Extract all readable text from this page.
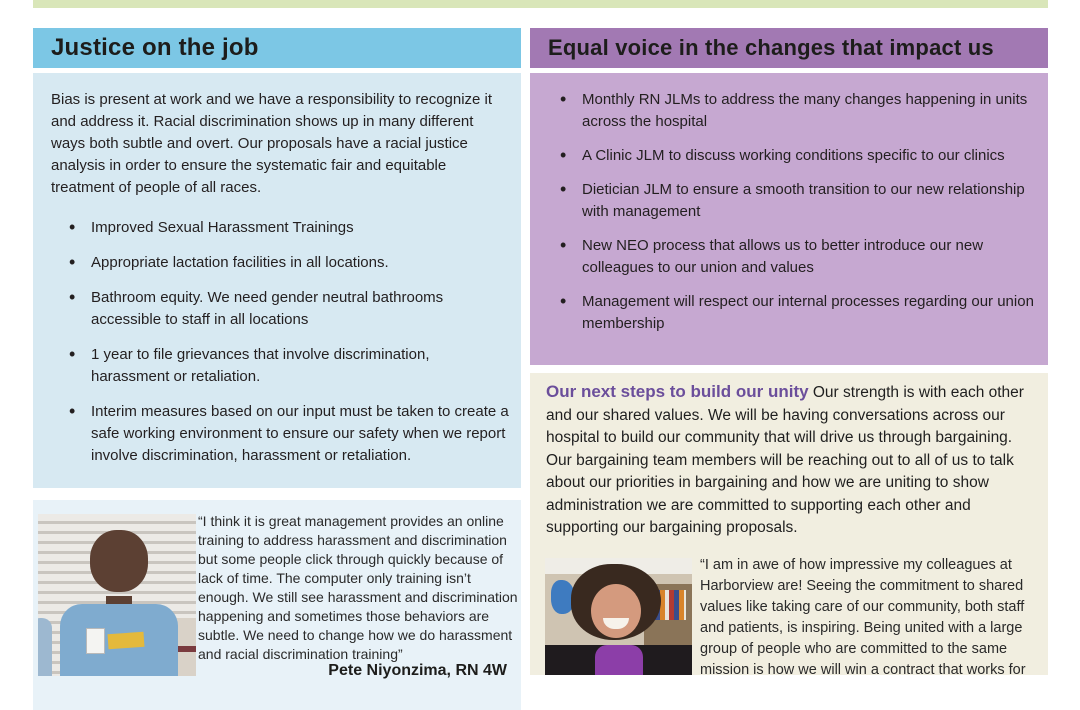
Justice on the job

Bias is present at work and we have a responsibility to recognize it and address it. Racial discrimination shows up in many different ways both subtle and overt. Our proposals have a racial justice analysis in order to ensure the systematic fair and equitable treatment of people of all races.

• Improved Sexual Harassment Trainings
• Appropriate lactation facilities in all locations.
• Bathroom equity. We need gender neutral bathrooms accessible to staff in all locations
• 1 year to file grievances that involve discrimination, harassment or retaliation.
• Interim measures based on our input must be taken to create a safe working environment to ensure our safety when we report involve discrimination, harassment or retaliation.

“I think it is great management provides an online training to address harassment and discrimination but some people click through quickly because of lack of time. The computer only training isn’t enough. We still see harassment and discrimination happening and sometimes those behaviors are subtle. We need to change how we do harassment and racial discrimination training”

Pete Niyonzima, RN 4W
Equal voice in the changes that impact us
• Monthly RN JLMs to address the many changes happening in units across the hospital
• A Clinic JLM to discuss working conditions specific to our clinics
• Dietician JLM to ensure a smooth transition to our new relationship with management
• New NEO process that allows us to better introduce our new colleagues to our union and values
• Management will respect our internal processes regarding our union membership

Our next steps to build our unity Our strength is with each other and our shared values. We will be having conversations across our hospital to build our community that will drive us through bargaining. Our bargaining team members will be reaching out to all of us to talk about our priorities in bargaining and how we are uniting to show administration we are committed to supporting each other and supporting our bargaining proposals.

“I am in awe of how impressive my colleagues at Harborview are! Seeing the commitment to shared values like taking care of our community, both staff and patients, is inspiring. Being united with a large group of people who are committed to the same mission is how we will win a contract that works for
